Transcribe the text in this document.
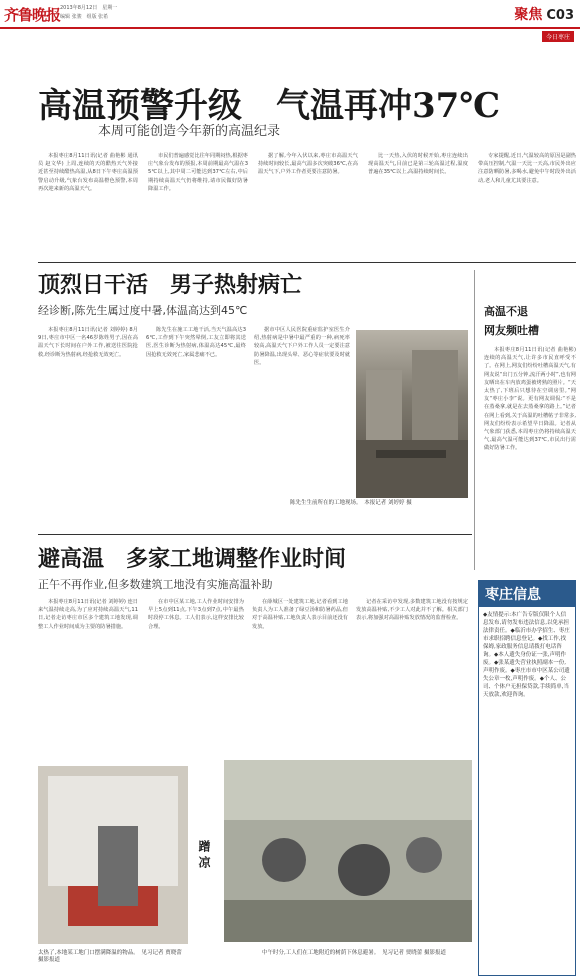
齐鲁晚报 2013年8月12日　星期一
编辑 张骏　组版 张希	聚焦 C03
今日枣庄
高温预警升级　气温再冲37℃
本周可能创造今年新的高温纪录
本报枣庄8月11日讯(记者 曲艳彬 通讯员 赵文华) 上周,连续的天的酷热天气外接近甚至持续酷热高温,从8日下午枣庄高温预警启动升级,气象台发布高温橙色预警,本周再次迎来新的高温天气。
市民们普遍感觉比往年同期闷热,根据枣庄气象台发布的预报,本周前期最高气温在35℃以上,其中周二可能达到37℃左右,中后期持续高温天气仍将维持,请市民做好防暑降温工作。
据了解,今年入伏以来,枣庄市高温天气持续时间较长,最高气温多次突破36℃,在高温天气下,户外工作者更要注意防暑。
比一天热,入伏的时候开始,枣庄连续出现高温天气,目前已是第三轮高温过程,温度普遍在35℃以上,高温持续时间长。
专家提醒,近日,气温较高的原因是副热带高压控制,气温一天比一天高,市民外出应注意防晒防暑,多喝水,避免中午时段外出活动,老人和儿童尤其要注意。
顶烈日干活　男子热射病亡
经诊断,陈先生属过度中暑,体温高达到45℃
本报枣庄8月11日讯(记者 刘婷婷) 8月9日,枣庄市中区一名46岁陈姓男子,因在高温天气下长时间在户外工作,被送往医院抢救,经诊断为热射病,经抢救无效死亡。
陈先生在施工工地干活,当天气温高达36℃,工作到下午突然晕倒,工友立即将其送医,医生诊断为热射病,体温高达45℃,最终因抢救无效死亡,家属悲痛不已。
据市中区人民医院重症监护室医生介绍,热射病是中暑中最严重的一种,病死率较高,高温天气下户外工作人员一定要注意防暑降温,出现头晕、恶心等症状要及时就医。
陈先生生前所在的工地现场。　本报记者 刘婷婷 摄
高温不退
网友频吐槽
本报枣庄8月11日讯(记者 曲艳彬) 连续的高温天气,让许多市民直呼受不了。在网上,网友们纷纷吐槽高温天气,有网友说“出门五分钟,流汗两小时”,也有网友晒出在车内放鸡蛋被烤熟的照片。“天太热了,下班后只想待在空调房里。”网友“枣庄小李”说。更有网友调侃:“不是在蒸桑拿,就是在去蒸桑拿的路上。”记者在网上看到,关于高温的吐槽帖子非常多,网友们纷纷表示希望早日降温。记者从气象部门获悉,本周枣庄仍将持续高温天气,最高气温可能达到37℃,市民出行需做好防暑工作。
避高温　多家工地调整作业时间
正午不再作业,但多数建筑工地没有实施高温补助
本报枣庄8月11日讯(记者 刘婷婷) 连日来气温持续走高,为了应对持续高温天气,11日,记者走访枣庄市区多个建筑工地发现,调整工人作业时间成为主要的防暑措施。
在市中区某工地,工人作业时间安排为早上5点到11点,下午3点到7点,中午最热时段停工休息。工人们表示,这样安排比较合理。
在薛城区一处建筑工地,记者看到工地负责人为工人准备了绿豆汤和防暑药品,但对于高温补贴,工地负责人表示目前还没有发放。
记者在采访中发现,多数建筑工地没有按规定发放高温补贴,不少工人对此并不了解。相关部门表示,将加强对高温补贴发放情况的监督检查。
蹭凉
太热了,本地某工地门口摆满降温的物品。　见习记者 贾晓蕾 摄影报道
中午时分,工人们在工地附近的树荫下休息避暑。　见习记者 贾晓蕾 摄影报道
枣庄信息
◆友情提示:本广告专版仅限个人信息发布,请勿发布违法信息,以免承担法律责任。◆临沂市办学招生、枣庄市求职招聘信息登记。◆找工作,找保姆,家政服务信息请拨打电话咨询。◆本人遗失身份证一张,声明作废。◆张某遗失营业执照副本一份,声明作废。◆枣庄市市中区某公司遗失公章一枚,声明作废。◆个人、公司、个体户无担保贷款,手续简单,当天放款,欢迎咨询。
